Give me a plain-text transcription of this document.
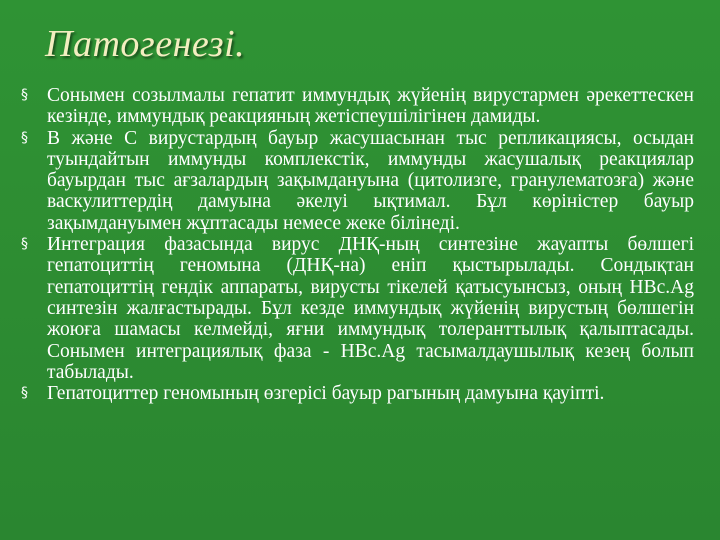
Патогенезі.
§ Сонымен созылмалы гепатит иммундық жүйенің вирустармен әрекеттескен кезінде, иммундық реакцияның жетіспеушілігінен дамиды.
§ В және С вирустардың бауыр жасушасынан тыс репликациясы, осыдан туындайтын иммунды комплекстік, иммунды жасушалық реакциялар бауырдан тыс ағзалардың зақымдануына (цитолизге, гранулематозға) және васкулиттердің дамуына әкелуі ықтимал. Бұл көріністер бауыр зақымдануымен жұптасады немесе жеке білінеді.
§ Интеграция фазасында вирус ДНҚ-ның синтезіне жауапты бөлшегі гепатоциттің геномына (ДНҚ-на) еніп қыстырылады. Сондықтан гепатоциттің гендік аппараты, вирусты тікелей қатысуынсыз, оның НВс.Аg синтезін жалғастырады. Бұл кезде иммундық жүйенің вирустың бөлшегін жоюға шамасы келмейді, яғни иммундық толеранттылық қалыптасады. Сонымен интеграциялық фаза - НВс.Аg тасымалдаушылық кезең болып табылады.
§ Гепатоциттер геномының өзгерісі бауыр рагының дамуына қауіпті.
